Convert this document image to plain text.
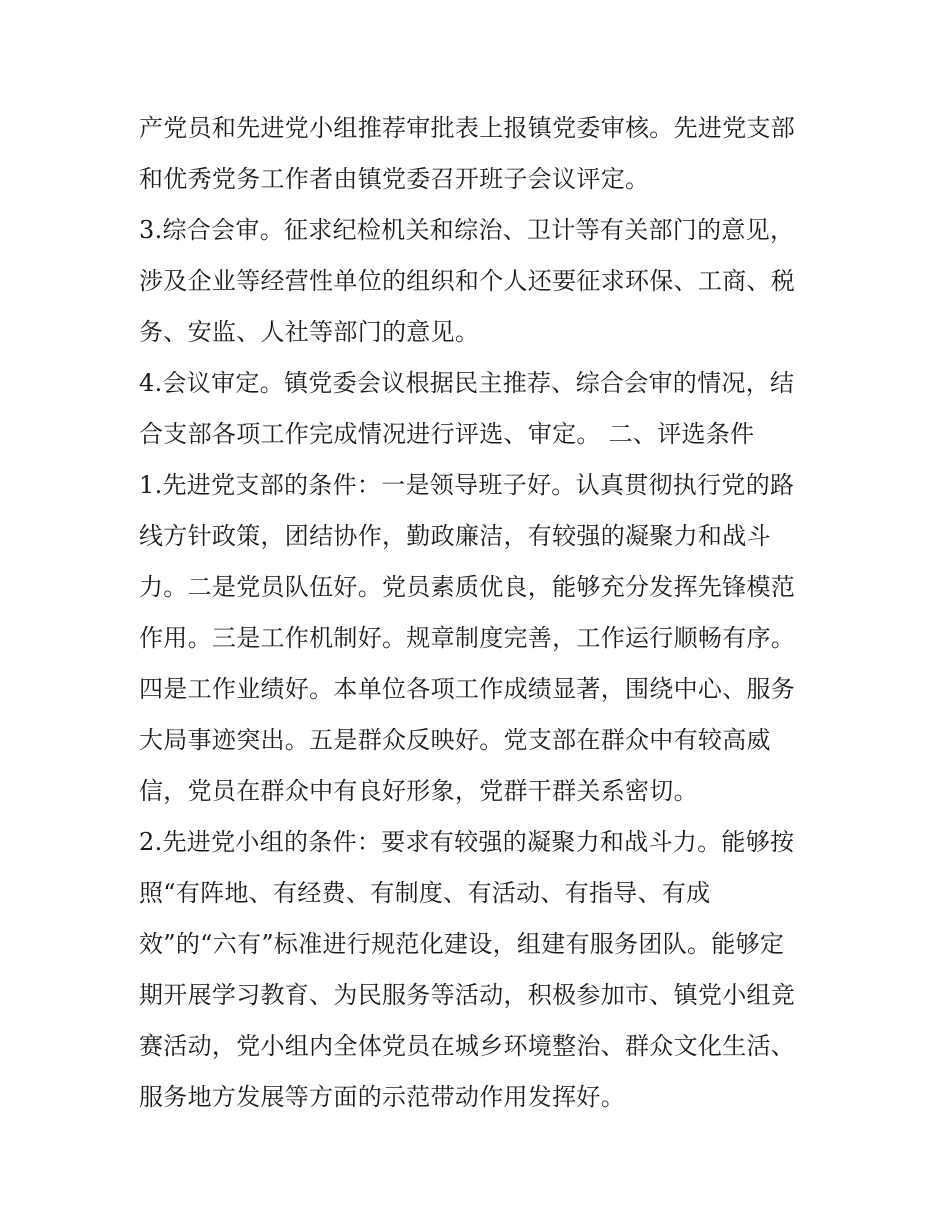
产党员和先进党小组推荐审批表上报镇党委审核。先进党支部
和优秀党务工作者由镇党委召开班子会议评定。
3.综合会审。征求纪检机关和综治、卫计等有关部门的意见，
涉及企业等经营性单位的组织和个人还要征求环保、工商、税
务、安监、人社等部门的意见。
4.会议审定。镇党委会议根据民主推荐、综合会审的情况，结
合支部各项工作完成情况进行评选、审定。 二、评选条件
1.先进党支部的条件：一是领导班子好。认真贯彻执行党的路
线方针政策，团结协作，勤政廉洁，有较强的凝聚力和战斗
力。二是党员队伍好。党员素质优良，能够充分发挥先锋模范
作用。三是工作机制好。规章制度完善，工作运行顺畅有序。
四是工作业绩好。本单位各项工作成绩显著，围绕中心、服务
大局事迹突出。五是群众反映好。党支部在群众中有较高威
信，党员在群众中有良好形象，党群干群关系密切。
2.先进党小组的条件：要求有较强的凝聚力和战斗力。能够按
照“有阵地、有经费、有制度、有活动、有指导、有成
效”的“六有”标准进行规范化建设，组建有服务团队。能够定
期开展学习教育、为民服务等活动，积极参加市、镇党小组竞
赛活动，党小组内全体党员在城乡环境整治、群众文化生活、
服务地方发展等方面的示范带动作用发挥好。
